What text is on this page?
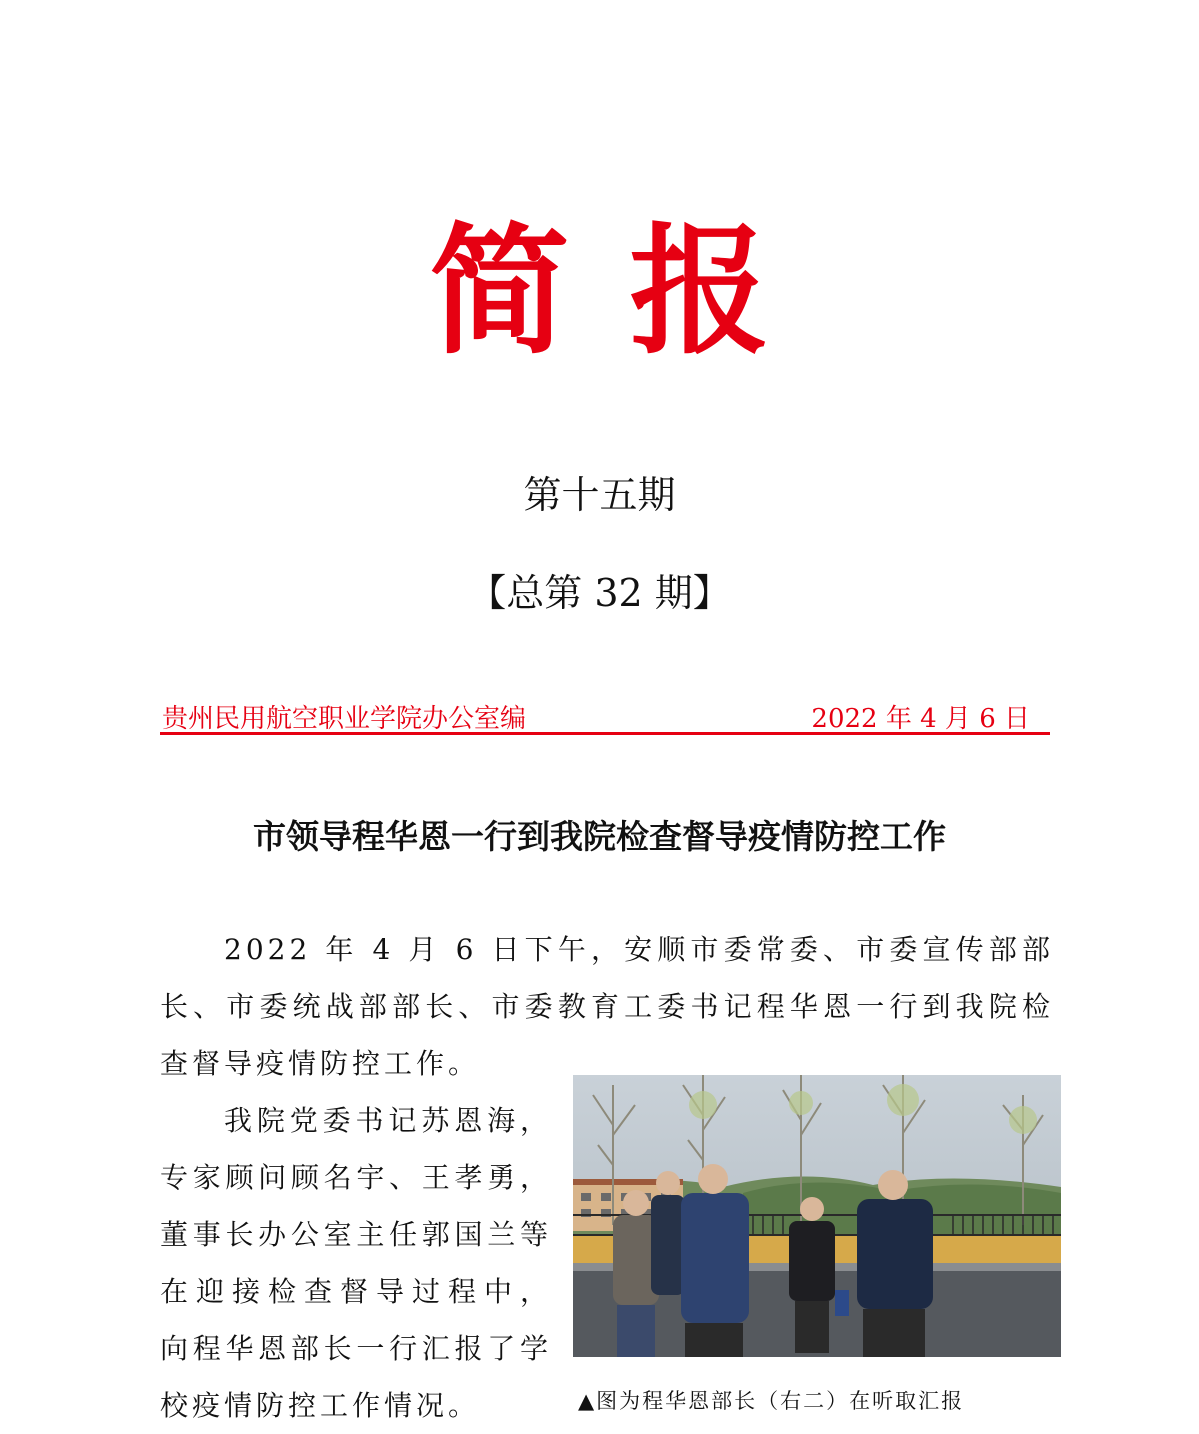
简报
第十五期
【总第 32 期】
贵州民用航空职业学院办公室编	2022 年 4 月 6 日
市领导程华恩一行到我院检查督导疫情防控工作

2022 年 4 月 6 日下午，安顺市委常委、市委宣传部部长、市委统战部部长、市委教育工委书记程华恩一行到我院检查督导疫情防控工作。

我院党委书记苏恩海，专家顾问顾名宇、王孝勇，董事长办公室主任郭国兰等在迎接检查督导过程中， 向程华恩部长一行汇报了学校疫情防控工作情况。	▲图为程华恩部长（右二）在听取汇报
